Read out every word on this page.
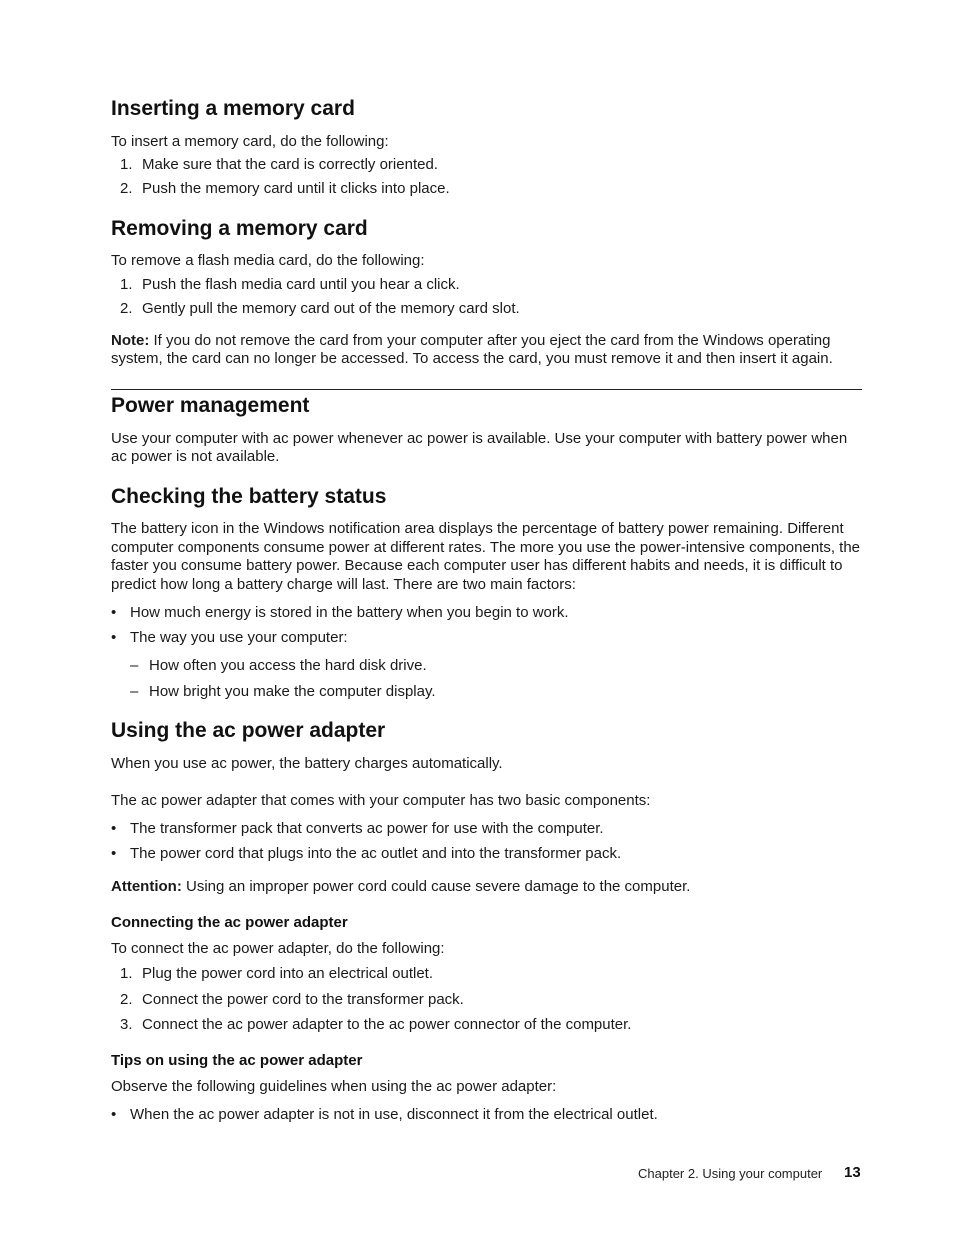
Inserting a memory card
To insert a memory card, do the following:
1. Make sure that the card is correctly oriented.
2. Push the memory card until it clicks into place.
Removing a memory card
To remove a flash media card, do the following:
1. Push the flash media card until you hear a click.
2. Gently pull the memory card out of the memory card slot.
Note: If you do not remove the card from your computer after you eject the card from the Windows operating system, the card can no longer be accessed. To access the card, you must remove it and then insert it again.
Power management
Use your computer with ac power whenever ac power is available. Use your computer with battery power when ac power is not available.
Checking the battery status
The battery icon in the Windows notification area displays the percentage of battery power remaining. Different computer components consume power at different rates. The more you use the power-intensive components, the faster you consume battery power. Because each computer user has different habits and needs, it is difficult to predict how long a battery charge will last. There are two main factors:
• How much energy is stored in the battery when you begin to work.
• The way you use your computer:
– How often you access the hard disk drive.
– How bright you make the computer display.
Using the ac power adapter
When you use ac power, the battery charges automatically.
The ac power adapter that comes with your computer has two basic components:
• The transformer pack that converts ac power for use with the computer.
• The power cord that plugs into the ac outlet and into the transformer pack.
Attention: Using an improper power cord could cause severe damage to the computer.
Connecting the ac power adapter
To connect the ac power adapter, do the following:
1. Plug the power cord into an electrical outlet.
2. Connect the power cord to the transformer pack.
3. Connect the ac power adapter to the ac power connector of the computer.
Tips on using the ac power adapter
Observe the following guidelines when using the ac power adapter:
• When the ac power adapter is not in use, disconnect it from the electrical outlet.
Chapter 2. Using your computer 13
